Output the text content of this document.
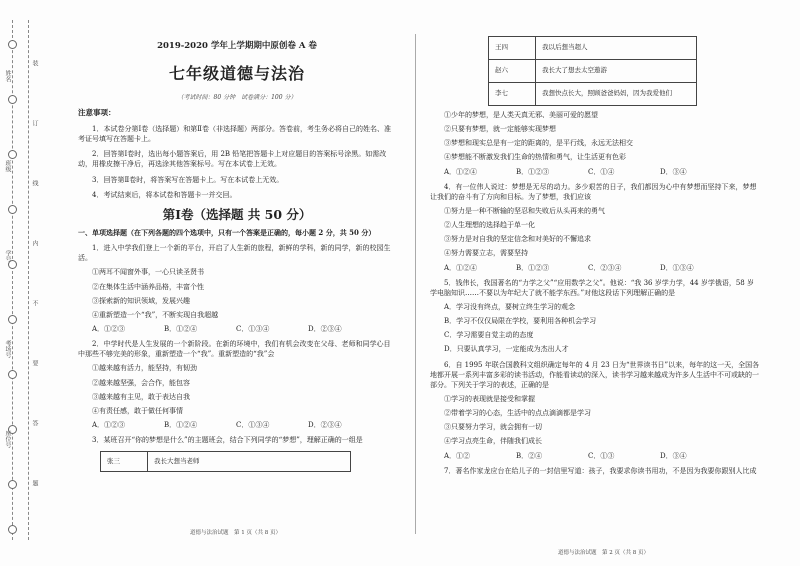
装
订
线
内
不
要
答
题
姓名
班级
学号
考场号
座位号
2019-2020 学年上学期期中原创卷 A 卷
七年级道德与法治
（考试时间：80 分钟　试卷满分：100 分）
注意事项：

1．本试卷分第Ⅰ卷（选择题）和第Ⅱ卷（非选择题）两部分。答卷前，考生务必将自己的姓名、准考证号填写在答题卡上。

2．回答第Ⅰ卷时，选出每小题答案后，用 2B 铅笔把答题卡上对应题目的答案标号涂黑。如需改动，用橡皮擦干净后，再选涂其他答案标号。写在本试卷上无效。

3．回答第Ⅱ卷时，将答案写在答题卡上。写在本试卷上无效。

4．考试结束后，将本试卷和答题卡一并交回。

第Ⅰ卷（选择题 共 50 分）
一、单项选择题（在下列各题的四个选项中，只有一个答案是正确的，每小题 2 分，共 50 分）

1．进入中学我们登上一个新的平台，开启了人生新的旅程，新鲜的学科，新的同学，新的校园生活。

①两耳不闻窗外事，一心只读圣贤书

②在集体生活中涵养品格，丰富个性

③探索新的知识领域，发展兴趣

④重新塑造一个“我”，不断实现自我超越

A．①②③	B．①②④	C．①③④	D．②③④

2．中学时代是人生发展的一个新阶段。在新的环境中，我们有机会改变在父母、老师和同学心目中那些不够完美的形象，重新塑造一个“我”。重新塑造的“我”会

①越来越有活力，能坚持，有韧劲

②越来越坚强，会合作，能包容

③越来越有主见，敢于表达自我

④有责任感，敢于做任何事情

A．①②③	B．①②④	C．①③④	D．②③④

3．某班召开“你的梦想是什么”的主题班会，结合下列同学的“梦想”，理解正确的一组是

张三	我长大想当老师
王四	我以后想当超人
赵六	我长大了想去太空遨游
李七	我想快点长大，照顾爸爸妈妈，因为我爱他们

①少年的梦想，是人类天真无邪、美丽可爱的愿望

②只要有梦想，就一定能够实现梦想

③梦想和现实总是有一定的距离的，是平行线，永远无法相交

④梦想能不断激发我们生命的热情和勇气，让生活更有色彩

A．①②④	B．①②③	C．①④	D．③④

4．有一位伟人说过：梦想是无尽的动力。多少艰苦的日子，我们都因为心中有梦想而坚持下来，梦想让我们的奋斗有了方向和目标。为了梦想，我们应该

①努力是一种不断输的坚忍和失败后从头再来的勇气

②人生理想的选择趋于单一化

③努力是对自我的坚定信念和对美好的不懈追求

④努力需要立志，需要坚持

A．①②④	B．①②③	C．②③④	D．①③④

5．钱伟长，我国著名的“力学之父”“应用数学之父”。他说：“我 36 岁学力学，44 岁学俄语，58 岁学电脑知识……不要以为年纪大了就不能学东西。”对他这段话下列理解正确的是

A．学习没有终点，要树立终生学习的观念

B．学习不仅仅局限在学校，要利用各种机会学习

C．学习需要自觉主动的态度

D．只要认真学习，一定能成为杰出人才

6．自 1995 年联合国教科文组织确定每年的 4 月 23 日为“世界读书日”以来，每年的这一天，全国各地都开展一系列丰富多彩的读书活动，作能看读动的深入，读书学习越来越成为许多人生活中不可或缺的一部分。下列关于学习的表述，正确的是

①学习的表现就是接受和掌握

②带着学习的心态，生活中的点点滴滴都是学习

③只要努力学习，就会拥有一切

④学习点亮生命，伴随我们成长

A．①②	B．②④	C．①③	D．③④

7．著名作家龙应台在给儿子的一封信里写道：孩子，我要求你读书用功，不是因为我要你跟别人比成

道德与法治试题　第 1 页（共 8 页）
道德与法治试题　第 2 页（共 8 页）
